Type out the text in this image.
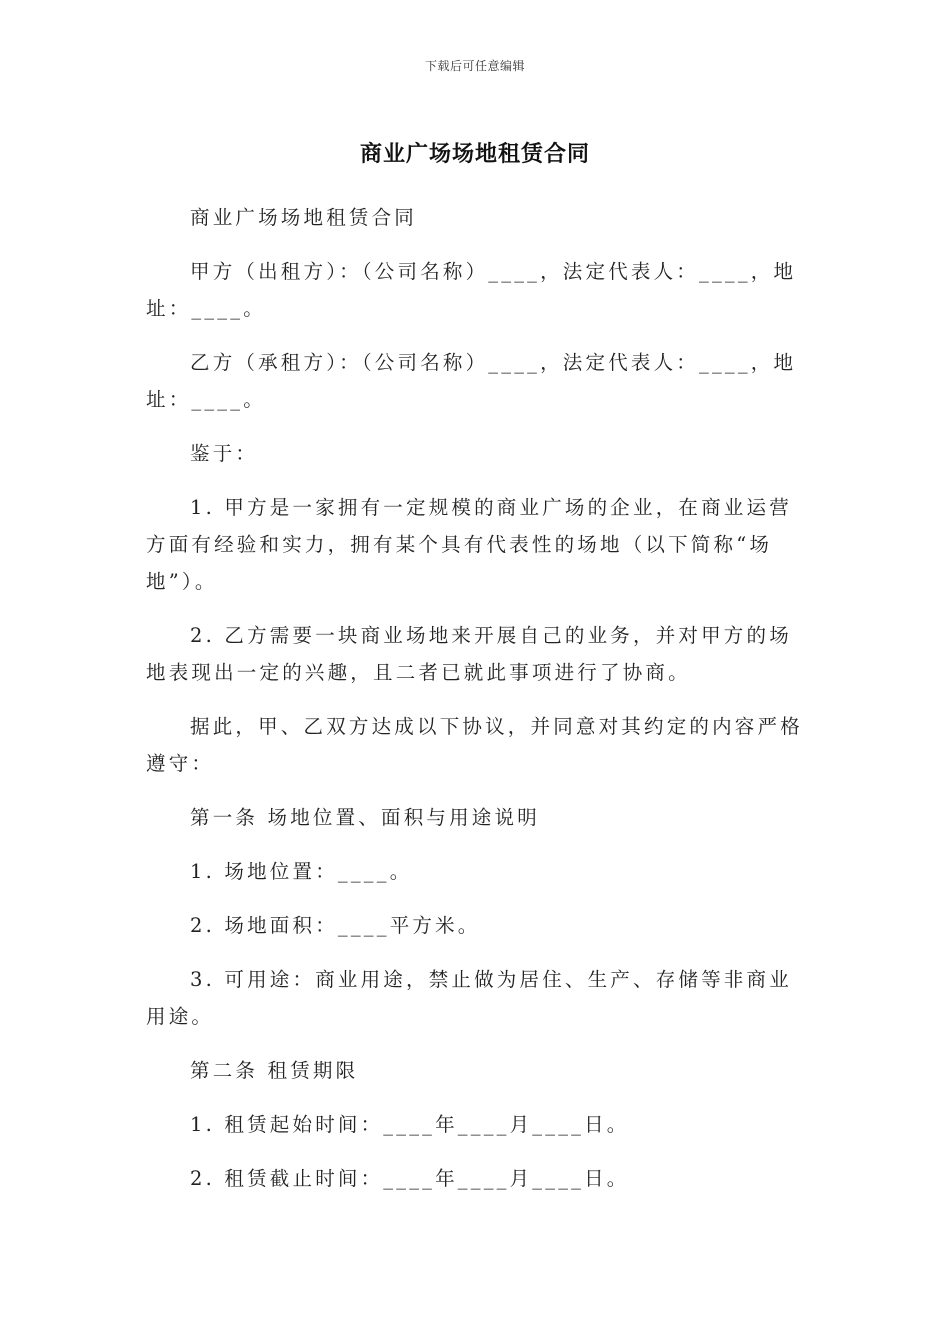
下载后可任意编辑
商业广场场地租赁合同

商业广场场地租赁合同

甲方（出租方）：（公司名称）____，法定代表人：____，地址：____。

乙方（承租方）：（公司名称）____，法定代表人：____，地址：____。

鉴于：

1. 甲方是一家拥有一定规模的商业广场的企业，在商业运营方面有经验和实力，拥有某个具有代表性的场地（以下简称“场地”）。

2. 乙方需要一块商业场地来开展自己的业务，并对甲方的场地表现出一定的兴趣，且二者已就此事项进行了协商。

据此，甲、乙双方达成以下协议，并同意对其约定的内容严格遵守：

第一条 场地位置、面积与用途说明

1. 场地位置：____。

2. 场地面积：____平方米。

3. 可用途：商业用途，禁止做为居住、生产、存储等非商业用途。

第二条 租赁期限

1. 租赁起始时间：____年____月____日。

2. 租赁截止时间：____年____月____日。
